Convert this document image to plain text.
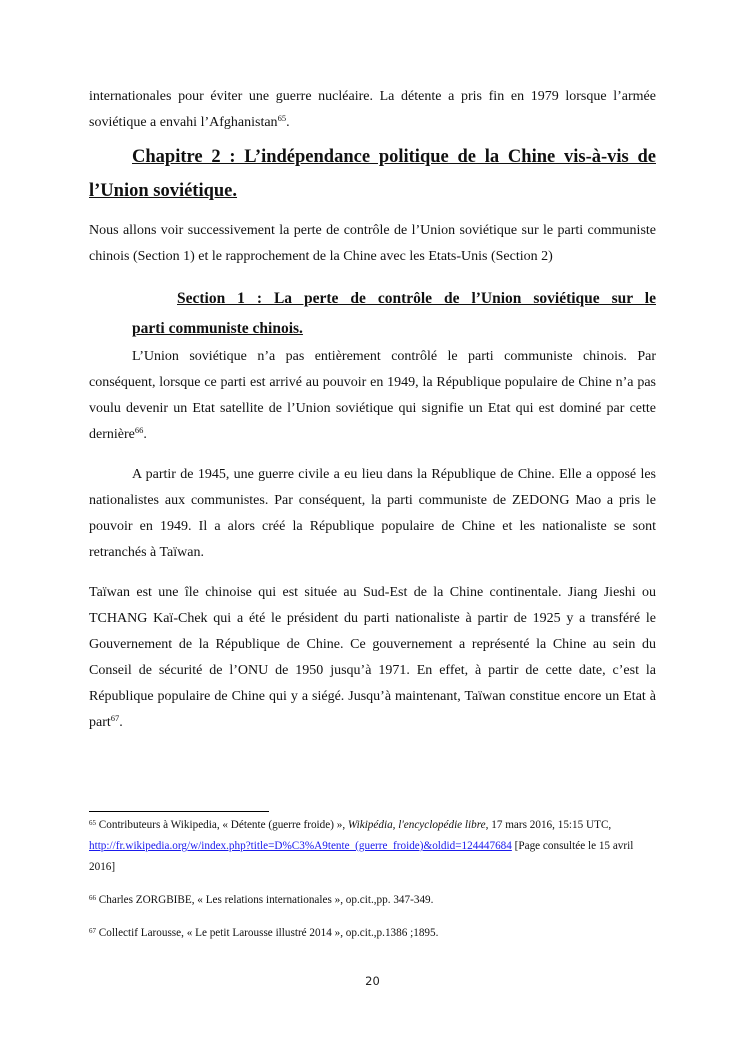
internationales pour éviter une guerre nucléaire. La détente a pris fin en 1979 lorsque l’armée soviétique a envahi l’Afghanistan$^{65}$.

Chapitre 2 : L’indépendance politique de la Chine vis-à-vis de l’Union soviétique.

Nous allons voir successivement la perte de contrôle de l’Union soviétique sur le parti communiste chinois (Section 1) et le rapprochement de la Chine avec les Etats-Unis (Section 2)

Section 1 : La perte de contrôle de l’Union soviétique sur le
parti communiste chinois.

L’Union soviétique n’a pas entièrement contrôlé le parti communiste chinois. Par conséquent, lorsque ce parti est arrivé au pouvoir en 1949, la République populaire de Chine n’a pas voulu devenir un Etat satellite de l’Union soviétique qui signifie un Etat qui est dominé par cette dernière$^{66}$.

A partir de 1945, une guerre civile a eu lieu dans la République de Chine. Elle a opposé les nationalistes aux communistes. Par conséquent, la parti communiste de ZEDONG Mao a pris le pouvoir en 1949. Il a alors créé la République populaire de Chine et les nationaliste se sont retranchés à Taïwan.

Taïwan est une île chinoise qui est située au Sud-Est de la Chine continentale. Jiang Jieshi ou TCHANG Kaï-Chek qui a été le président du parti nationaliste à partir de 1925 y a transféré le Gouvernement de la République de Chine. Ce gouvernement a représenté la Chine au sein du Conseil de sécurité de l’ONU de 1950 jusqu’à 1971. En effet, à partir de cette date, c’est la République populaire de Chine qui y a siégé. Jusqu’à maintenant, Taïwan constitue encore un Etat à part$^{67}$.

$^{65}$ Contributeurs à Wikipedia, « Détente (guerre froide) », Wikipédia, l'encyclopédie libre, 17 mars 2016, 15:15 UTC, http://fr.wikipedia.org/w/index.php?title=D%C3%A9tente_(guerre_froide)&oldid=124447684 [Page consultée le 15 avril 2016]

$^{66}$ Charles ZORGBIBE, « Les relations internationales », op.cit.,pp. 347-349.

$^{67}$ Collectif Larousse, « Le petit Larousse illustré 2014 », op.cit.,p.1386 ;1895.

20
